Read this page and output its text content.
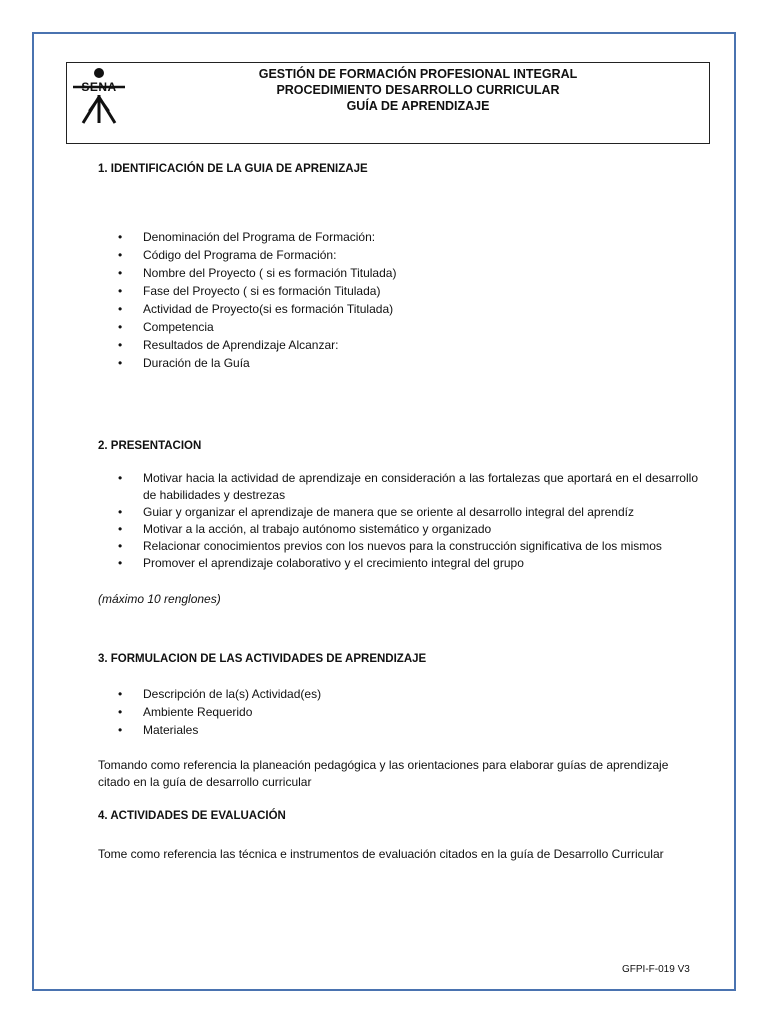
SENA
GESTIÓN DE FORMACIÓN PROFESIONAL INTEGRAL
PROCEDIMIENTO DESARROLLO CURRICULAR
GUÍA DE APRENDIZAJE
1. IDENTIFICACIÓN DE LA GUIA DE APRENIZAJE
• Denominación del Programa de Formación:
• Código del Programa de Formación:
• Nombre del Proyecto ( si es formación Titulada)
• Fase del Proyecto ( si es formación Titulada)
• Actividad de Proyecto(si es formación Titulada)
• Competencia
• Resultados de Aprendizaje Alcanzar:
• Duración de la Guía
2. PRESENTACION
• Motivar hacia la actividad de aprendizaje en consideración a las fortalezas que aportará en el desarrollo de habilidades y destrezas
• Guiar y organizar el aprendizaje de manera que se oriente al desarrollo integral del aprendíz
• Motivar a la acción, al trabajo autónomo sistemático y organizado
• Relacionar conocimientos previos con los nuevos para la construcción significativa de los mismos
• Promover el aprendizaje colaborativo y el crecimiento integral del grupo
(máximo 10 renglones)
3. FORMULACION DE LAS ACTIVIDADES DE APRENDIZAJE
• Descripción de la(s) Actividad(es)
• Ambiente Requerido
• Materiales
Tomando como referencia la planeación pedagógica y las orientaciones para elaborar guías de aprendizaje citado en la guía de desarrollo curricular
4. ACTIVIDADES DE EVALUACIÓN
Tome como referencia las técnica e instrumentos de evaluación citados en la guía de Desarrollo Curricular
GFPI-F-019 V3
